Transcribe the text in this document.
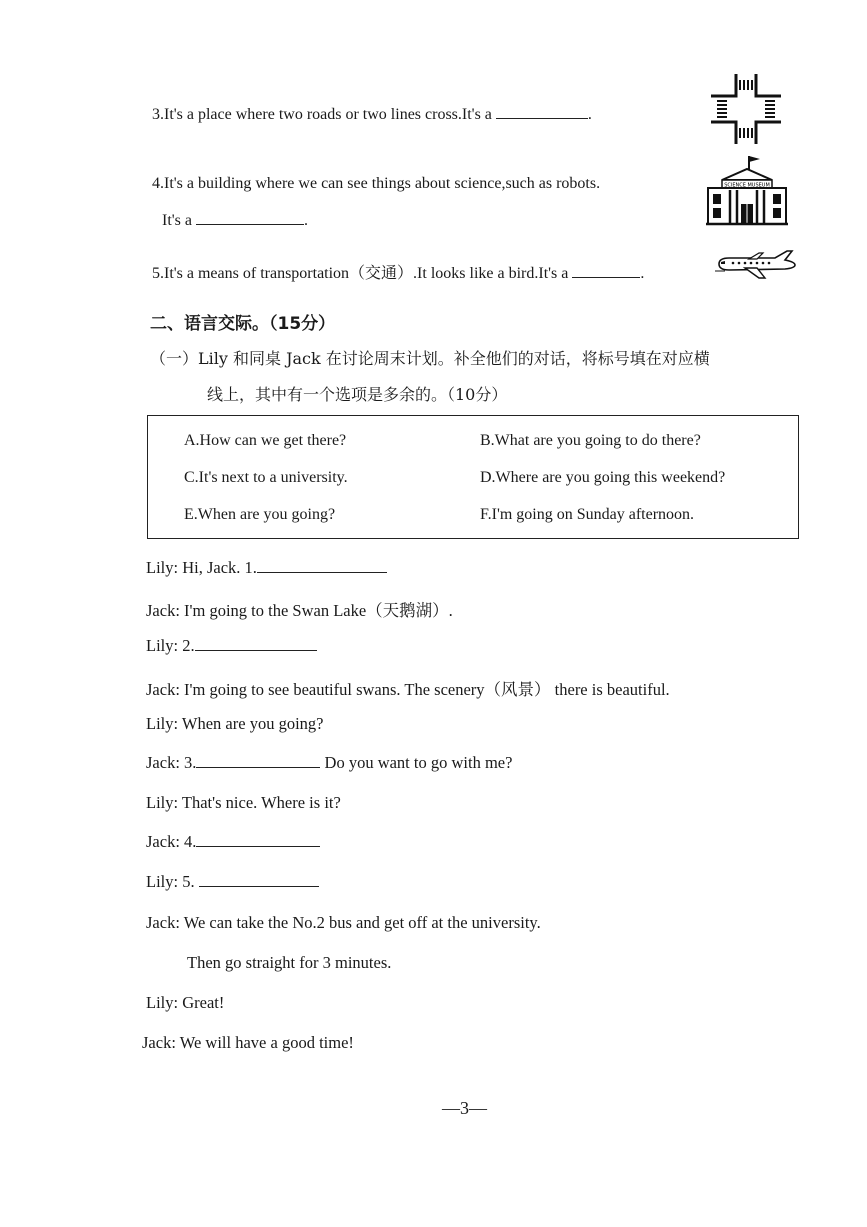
3.It's a place where two roads or two lines cross.It's a	.
4.It's a building where we can see things about science,such as robots.
It's a	.
SCIENCE MUSEUM
5.It's a means of transportation（交通）.It looks like a bird.It's a	.
二、语言交际。（15分）
（一）Lily 和同桌 Jack 在讨论周末计划。补全他们的对话，将标号填在对应横
线上，其中有一个选项是多余的。（10分）
A.How can we get there?	B.What are you going to do there?
C.It's next to a university.	D.Where are you going this weekend?
E.When are you going?	F.I'm going on Sunday afternoon.
Lily: Hi, Jack. 1.
Jack: I'm going to the Swan Lake（天鹅湖）.
Lily: 2.
Jack: I'm going to see beautiful swans. The scenery（风景） there is beautiful.
Lily: When are you going?
Jack: 3.	Do you want to go with me?
Lily: That's nice. Where is it?
Jack: 4.
Lily: 5.
Jack: We can take the No.2 bus and get off at the university.
Then go straight for 3 minutes.
Lily: Great!
Jack: We will have a good time!
—3—
